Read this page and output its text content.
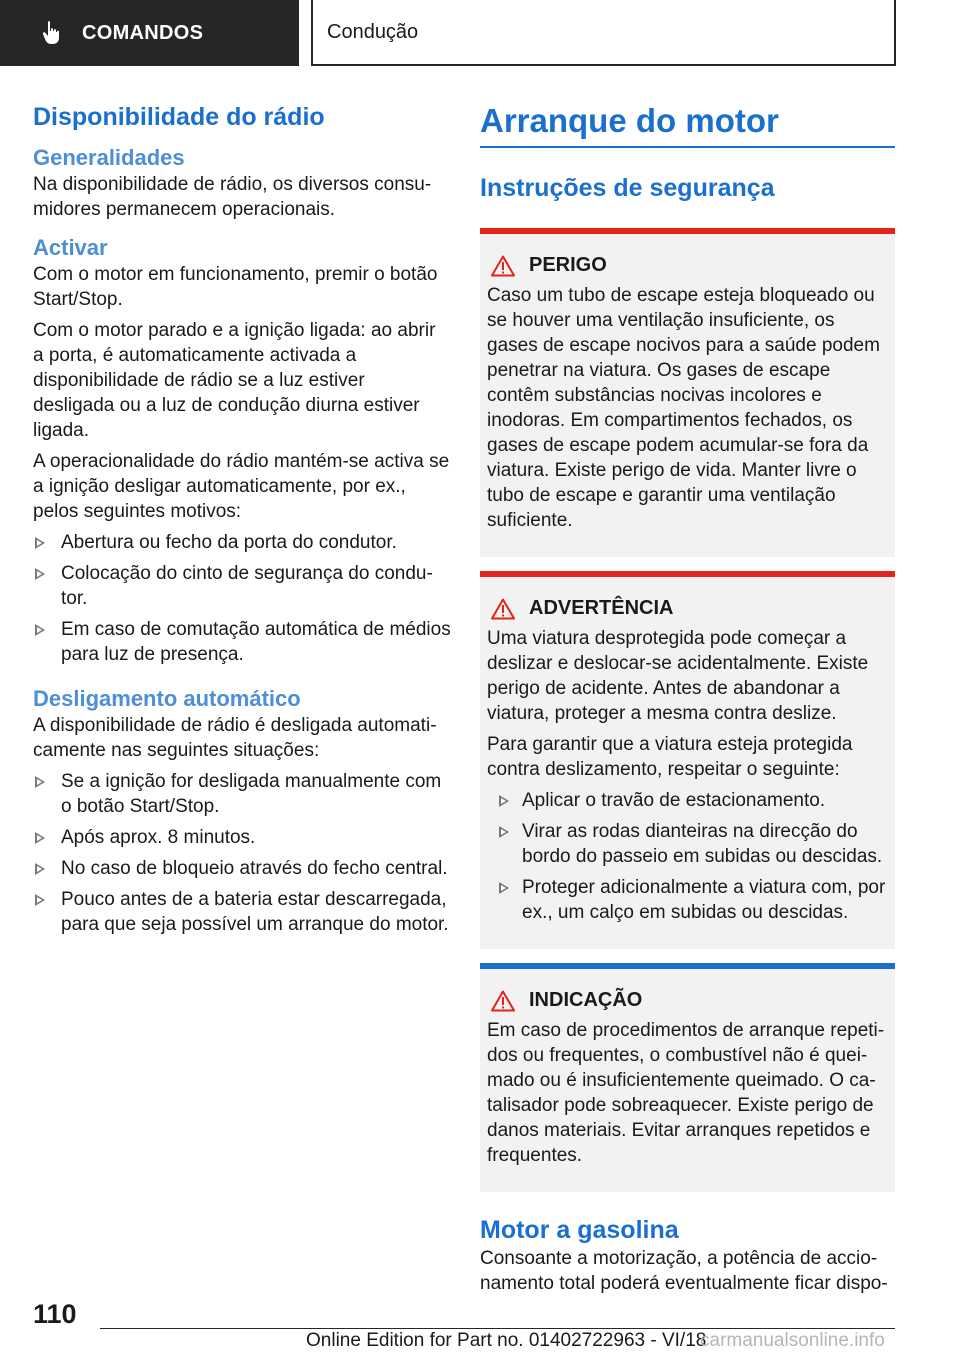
COMANDOS	Condução
Disponibilidade do rádio
Generalidades

Na disponibilidade de rádio, os diversos consumidores permanecem operacionais.

Activar

Com o motor em funcionamento, premir o botão Start/Stop.

Com o motor parado e a ignição ligada: ao abrir a porta, é automaticamente activada a disponibilidade de rádio se a luz estiver desligada ou a luz de condução diurna estiver ligada.

A operacionalidade do rádio mantém-se activa se a ignição desligar automaticamente, por ex., pelos seguintes motivos:

Abertura ou fecho da porta do condutor.
Colocação do cinto de segurança do condutor.
Em caso de comutação automática de médios para luz de presença.
Desligamento automático

A disponibilidade de rádio é desligada automaticamente nas seguintes situações:

Se a ignição for desligada manualmente com o botão Start/Stop.
Após aprox. 8 minutos.
No caso de bloqueio através do fecho central.
Pouco antes de a bateria estar descarregada, para que seja possível um arranque do motor.
Arranque do motor
Instruções de segurança
PERIGO

Caso um tubo de escape esteja bloqueado ou se houver uma ventilação insuficiente, os gases de escape nocivos para a saúde podem penetrar na viatura. Os gases de escape contêm substâncias nocivas incolores e inodoras. Em compartimentos fechados, os gases de escape podem acumular-se fora da viatura. Existe perigo de vida. Manter livre o tubo de escape e garantir uma ventilação suficiente.

ADVERTÊNCIA

Uma viatura desprotegida pode começar a deslizar e deslocar-se acidentalmente. Existe perigo de acidente. Antes de abandonar a viatura, proteger a mesma contra deslize.

Para garantir que a viatura esteja protegida contra deslizamento, respeitar o seguinte:

Aplicar o travão de estacionamento.
Virar as rodas dianteiras na direcção do bordo do passeio em subidas ou descidas.
Proteger adicionalmente a viatura com, por ex., um calço em subidas ou descidas.
INDICAÇÃO

Em caso de procedimentos de arranque repetidos ou frequentes, o combustível não é queimado ou é insuficientemente queimado. O catalisador pode sobreaquecer. Existe perigo de danos materiais. Evitar arranques repetidos e frequentes.

Motor a gasolina

Consoante a motorização, a potência de accionamento total poderá eventualmente ficar dispo-

110
Online Edition for Part no. 01402722963 - VI/18
carmanualsonline.info
